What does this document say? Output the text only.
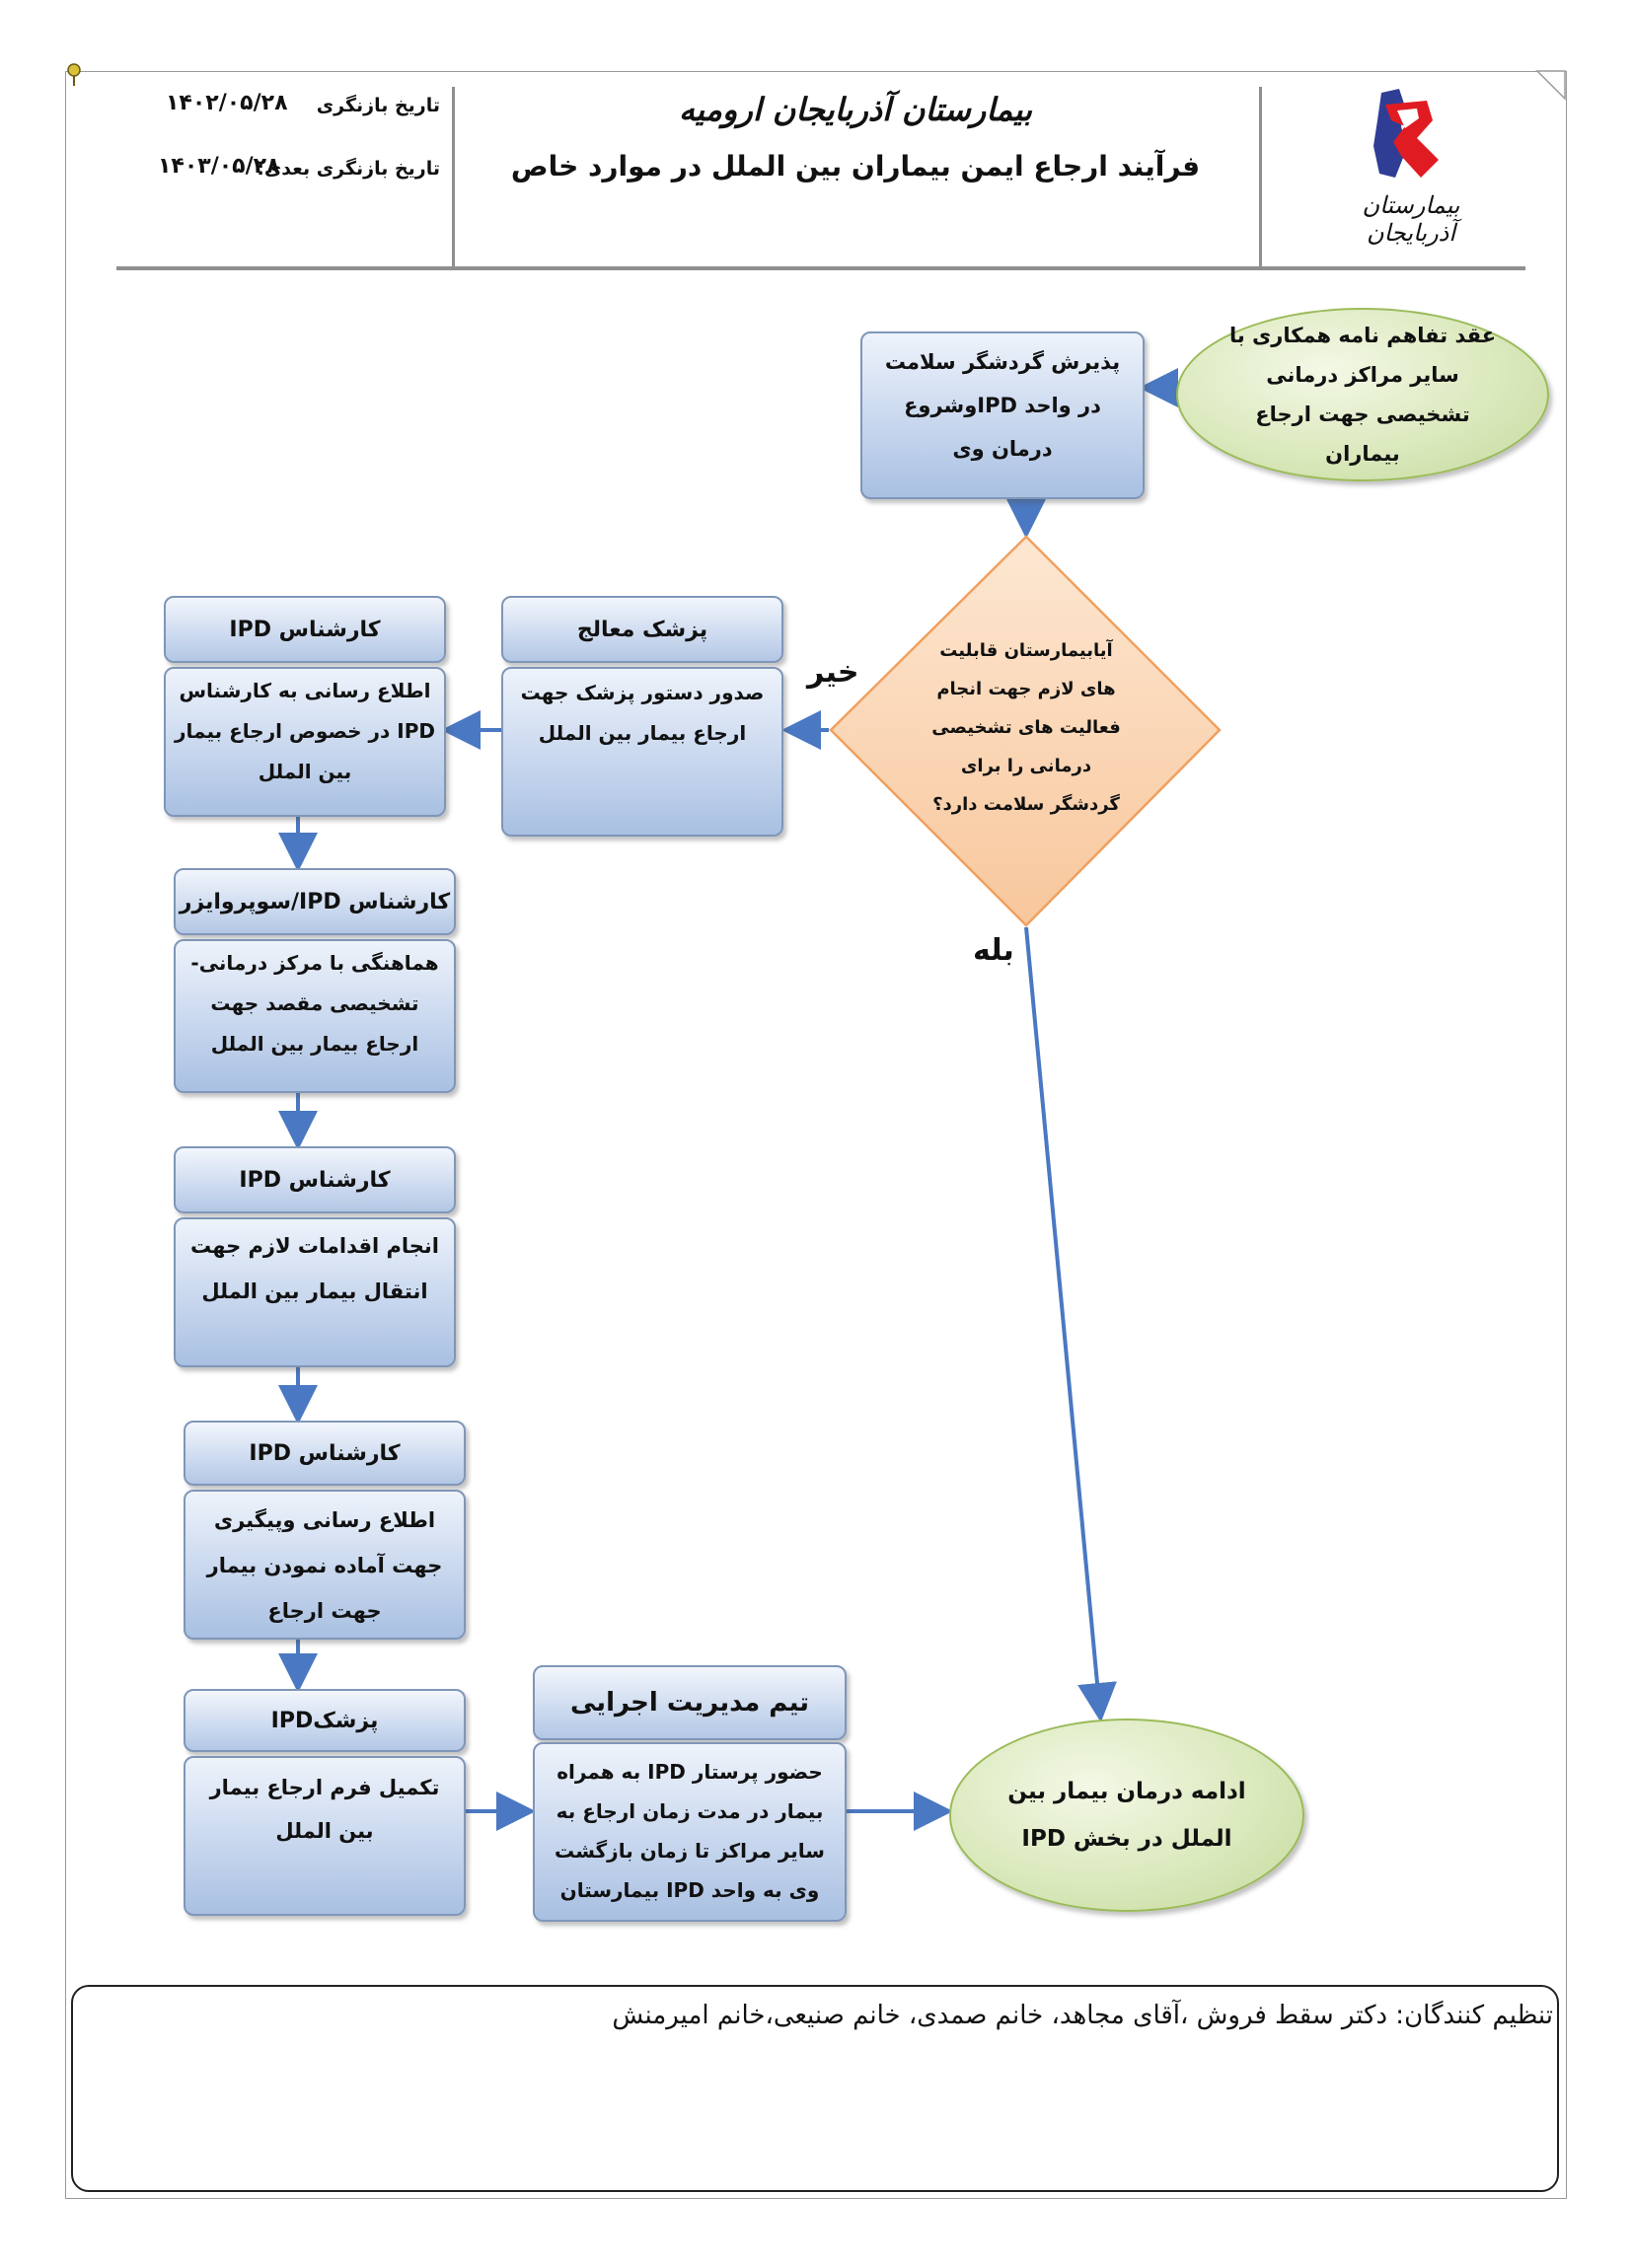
بیمارستان آذربایجان ارومیه
فرآیند ارجاع ایمن بیماران بین الملل در موارد خاص
تاریخ بازنگری
۱۴۰۲/۰۵/۲۸
تاریخ بازنگری بعدی:
۱۴۰۳/۰۵/۲۸
بیمارستان آذربایجان
عقد تفاهم نامه همکاری با سایر مراکز درمانی تشخیصی جهت ارجاع بیماران
پذیرش گردشگر سلامت در واحد IPDوشروع درمان وی
آیابیمارستان قابلیت های لازم جهت انجام فعالیت های تشخیصی درمانی را برای گردشگر سلامت دارد؟
خیر
بله
پزشک معالج
صدور دستور پزشک جهت ارجاع بیمار بین الملل
کارشناس IPD
اطلاع رسانی به کارشناس IPD در خصوص ارجاع بیمار بین الملل
کارشناس IPD/سوپروایزر
هماهنگی با مرکز درمانی- تشخیصی مقصد جهت ارجاع بیمار بین الملل
کارشناس IPD
انجام اقدامات لازم جهت انتقال بیمار بین الملل
کارشناس IPD
اطلاع رسانی وپیگیری جهت آماده نمودن بیمار جهت ارجاع
پزشکIPD
تکمیل فرم ارجاع بیمار بین الملل
تیم مدیریت اجرایی
حضور پرستار IPD به همراه بیمار در مدت زمان ارجاع به سایر مراکز تا زمان بازگشت وی به واحد IPD بیمارستان
ادامه درمان بیمار بین الملل در بخش IPD
تنظیم کنندگان: دکتر سقط فروش ،آقای مجاهد، خانم صمدی، خانم صنیعی،خانم امیرمنش
